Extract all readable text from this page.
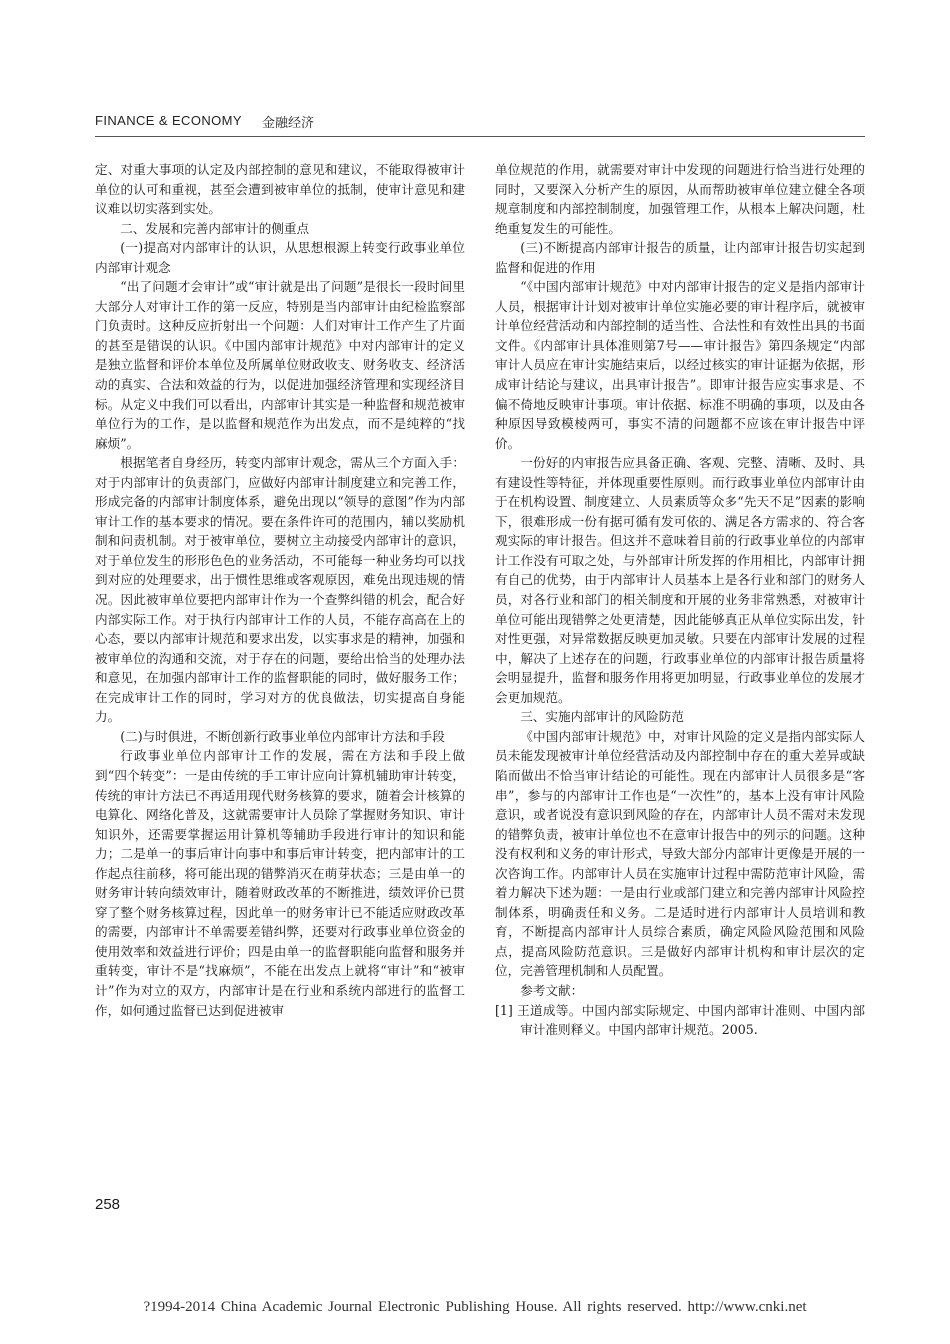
FINANCE & ECONOMY 金融经济

定、对重大事项的认定及内部控制的意见和建议，不能取得被审计单位的认可和重视，甚至会遭到被审单位的抵制，使审计意见和建议难以切实落到实处。

二、发展和完善内部审计的侧重点

(一)提高对内部审计的认识，从思想根源上转变行政事业单位内部审计观念

“出了问题才会审计”或“审计就是出了问题”是很长一段时间里大部分人对审计工作的第一反应，特别是当内部审计由纪检监察部门负责时。这种反应折射出一个问题：人们对审计工作产生了片面的甚至是错误的认识。《中国内部审计规范》中对内部审计的定义是独立监督和评价本单位及所属单位财政收支、财务收支、经济活动的真实、合法和效益的行为，以促进加强经济管理和实现经济目标。从定义中我们可以看出，内部审计其实是一种监督和规范被审单位行为的工作，是以监督和规范作为出发点，而不是纯粹的“找麻烦”。

根据笔者自身经历，转变内部审计观念，需从三个方面入手：对于内部审计的负责部门，应做好内部审计制度建立和完善工作，形成完备的内部审计制度体系，避免出现以“领导的意图”作为内部审计工作的基本要求的情况。要在条件许可的范围内，辅以奖励机制和问责机制。对于被审单位，要树立主动接受内部审计的意识，对于单位发生的形形色色的业务活动，不可能每一种业务均可以找到对应的处理要求，出于惯性思维或客观原因，难免出现违规的情况。因此被审单位要把内部审计作为一个查弊纠错的机会，配合好内部实际工作。对于执行内部审计工作的人员，不能存高高在上的心态，要以内部审计规范和要求出发，以实事求是的精神，加强和被审单位的沟通和交流，对于存在的问题，要给出恰当的处理办法和意见，在加强内部审计工作的监督职能的同时，做好服务工作；在完成审计工作的同时，学习对方的优良做法，切实提高自身能力。

(二)与时俱进，不断创新行政事业单位内部审计方法和手段

行政事业单位内部审计工作的发展，需在方法和手段上做到“四个转变”：一是由传统的手工审计应向计算机辅助审计转变，传统的审计方法已不再适用现代财务核算的要求，随着会计核算的电算化、网络化普及，这就需要审计人员除了掌握财务知识、审计知识外，还需要掌握运用计算机等辅助手段进行审计的知识和能力；二是单一的事后审计向事中和事后审计转变，把内部审计的工作起点往前移，将可能出现的错弊消灭在萌芽状态；三是由单一的财务审计转向绩效审计，随着财政改革的不断推进，绩效评价已贯穿了整个财务核算过程，因此单一的财务审计已不能适应财政改革的需要，内部审计不单需要差错纠弊，还要对行政事业单位资金的使用效率和效益进行评价；四是由单一的监督职能向监督和服务并重转变，审计不是“找麻烦”，不能在出发点上就将“审计”和“被审计”作为对立的双方，内部审计是在行业和系统内部进行的监督工作，如何通过监督已达到促进被审

单位规范的作用，就需要对审计中发现的问题进行恰当进行处理的同时，又要深入分析产生的原因，从而帮助被审单位建立健全各项规章制度和内部控制制度，加强管理工作，从根本上解决问题，杜绝重复发生的可能性。

(三)不断提高内部审计报告的质量，让内部审计报告切实起到监督和促进的作用

“《中国内部审计规范》中对内部审计报告的定义是指内部审计人员，根据审计计划对被审计单位实施必要的审计程序后，就被审计单位经营活动和内部控制的适当性、合法性和有效性出具的书面文件。《内部审计具体准则第7号——审计报告》第四条规定“内部审计人员应在审计实施结束后，以经过核实的审计证据为依据，形成审计结论与建议，出具审计报告”。即审计报告应实事求是、不偏不倚地反映审计事项。审计依据、标准不明确的事项，以及由各种原因导致模棱两可，事实不清的问题都不应该在审计报告中评价。

一份好的内审报告应具备正确、客观、完整、清晰、及时、具有建设性等特征，并体现重要性原则。而行政事业单位内部审计由于在机构设置、制度建立、人员素质等众多“先天不足”因素的影响下，很难形成一份有据可循有发可依的、满足各方需求的、符合客观实际的审计报告。但这并不意味着目前的行政事业单位的内部审计工作没有可取之处，与外部审计所发挥的作用相比，内部审计拥有自己的优势，由于内部审计人员基本上是各行业和部门的财务人员，对各行业和部门的相关制度和开展的业务非常熟悉，对被审计单位可能出现错弊之处更清楚，因此能够真正从单位实际出发，针对性更强，对异常数据反映更加灵敏。只要在内部审计发展的过程中，解决了上述存在的问题，行政事业单位的内部审计报告质量将会明显提升，监督和服务作用将更加明显，行政事业单位的发展才会更加规范。

三、实施内部审计的风险防范

《中国内部审计规范》中，对审计风险的定义是指内部实际人员未能发现被审计单位经营活动及内部控制中存在的重大差异或缺陷而做出不恰当审计结论的可能性。现在内部审计人员很多是“客串”，参与的内部审计工作也是“一次性”的，基本上没有审计风险意识，或者说没有意识到风险的存在，内部审计人员不需对未发现的错弊负责，被审计单位也不在意审计报告中的列示的问题。这种没有权利和义务的审计形式，导致大部分内部审计更像是开展的一次咨询工作。内部审计人员在实施审计过程中需防范审计风险，需着力解决下述为题：一是由行业或部门建立和完善内部审计风险控制体系，明确责任和义务。二是适时进行内部审计人员培训和教育，不断提高内部审计人员综合素质，确定风险风险范围和风险点，提高风险防范意识。三是做好内部审计机构和审计层次的定位，完善管理机制和人员配置。

参考文献：

[1] 王道成等。中国内部实际规定、中国内部审计准则、中国内部审计准则释义。中国内部审计规范。2005.

258
?1994-2014 China Academic Journal Electronic Publishing House. All rights reserved. http://www.cnki.net
